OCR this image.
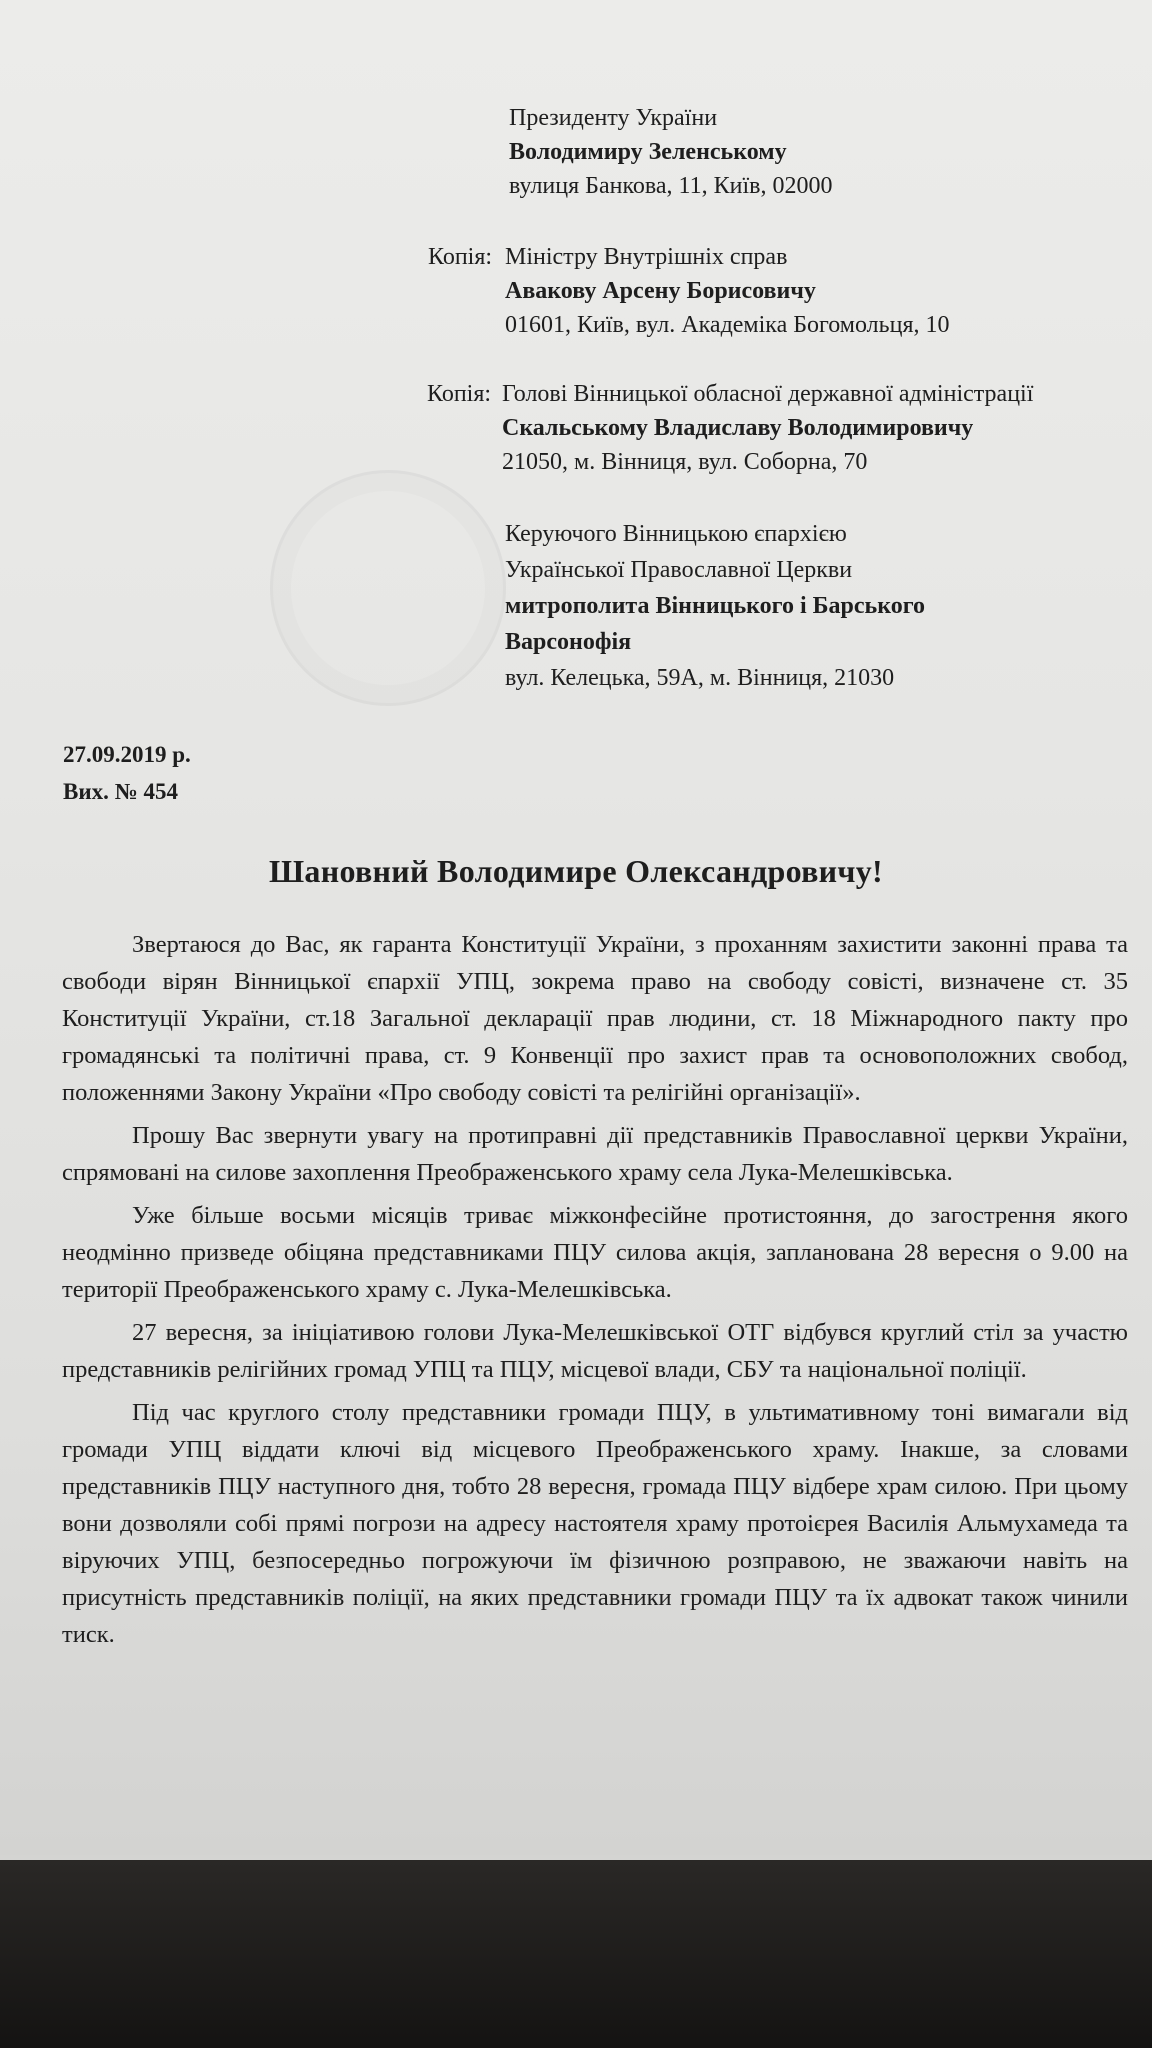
Президенту України
Володимиру Зеленському
вулиця Банкова, 11, Київ, 02000
Копія: Міністру Внутрішніх справ
Авакову Арсену Борисовичу
01601, Київ, вул. Академіка Богомольця, 10
Копія: Голові Вінницької обласної державної адміністрації
Скальському Владиславу Володимировичу
21050, м. Вінниця, вул. Соборна, 70
Керуючого Вінницькою єпархією
Української Православної Церкви
митрополита Вінницького і Барського
Варсонофія
вул. Келецька, 59А, м. Вінниця, 21030
27.09.2019 р.
Вих. № 454
Шановний Володимире Олександровичу!

Звертаюся до Вас, як гаранта Конституції України, з проханням захистити законні права та свободи вірян Вінницької єпархії УПЦ, зокрема право на свободу совісті, визначене ст. 35 Конституції України, ст.18 Загальної декларації прав людини, ст. 18 Міжнародного пакту про громадянські та політичні права, ст. 9 Конвенції про захист прав та основоположних свобод, положеннями Закону України «Про свободу совісті та релігійні організації».

Прошу Вас звернути увагу на протиправні дії представників Православної церкви України, спрямовані на силове захоплення Преображенського храму села Лука-Мелешківська.

Уже більше восьми місяців триває міжконфесійне протистояння, до загострення якого неодмінно призведе обіцяна представниками ПЦУ силова акція, запланована 28 вересня о 9.00 на території Преображенського храму с. Лука-Мелешківська.

27 вересня, за ініціативою голови Лука-Мелешківської ОТГ відбувся круглий стіл за участю представників релігійних громад УПЦ та ПЦУ, місцевої влади, СБУ та національної поліції.

Під час круглого столу представники громади ПЦУ, в ультимативному тоні вимагали від громади УПЦ віддати ключі від місцевого Преображенського храму. Інакше, за словами представників ПЦУ наступного дня, тобто 28 вересня, громада ПЦУ відбере храм силою. При цьому вони дозволяли собі прямі погрози на адресу настоятеля храму протоієрея Василія Альмухамеда та віруючих УПЦ, безпосередньо погрожуючи їм фізичною розправою, не зважаючи навіть на присутність представників поліції, на яких представники громади ПЦУ та їх адвокат також чинили тиск.
